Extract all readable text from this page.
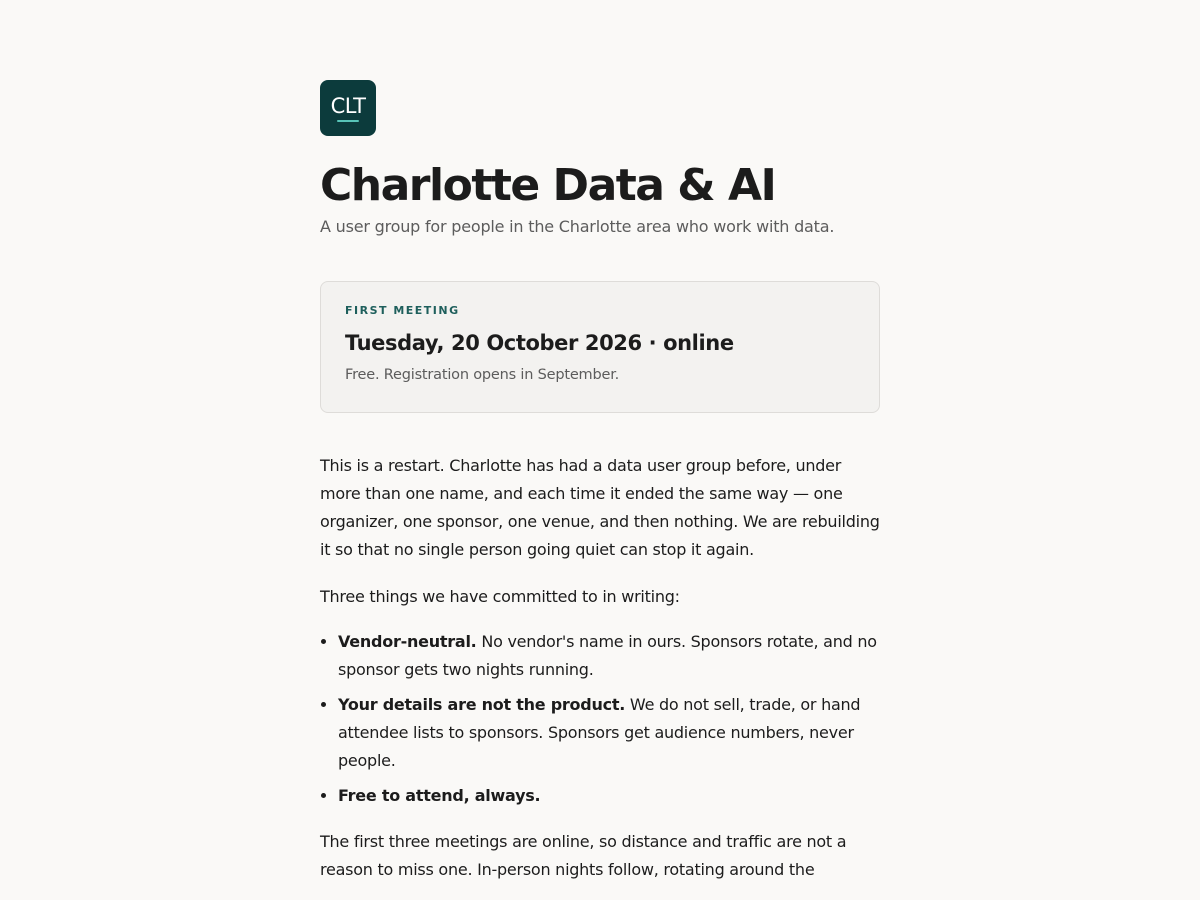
CLT
Charlotte Data & AI

A user group for people in the Charlotte area who work with data.

FIRST MEETING
Tuesday, 20 October 2026 · online
Free. Registration opens in September.

This is a restart. Charlotte has had a data user group before, under more than one name, and each time it ended the same way — one organizer, one sponsor, one venue, and then nothing. We are rebuilding it so that no single person going quiet can stop it again.

Three things we have committed to in writing:

• Vendor-neutral. No vendor's name in ours. Sponsors rotate, and no sponsor gets two nights running.
• Your details are not the product. We do not sell, trade, or hand attendee lists to sponsors. Sponsors get audience numbers, never people.
• Free to attend, always.

The first three meetings are online, so distance and traffic are not a reason to miss one. In-person nights follow, rotating around the
